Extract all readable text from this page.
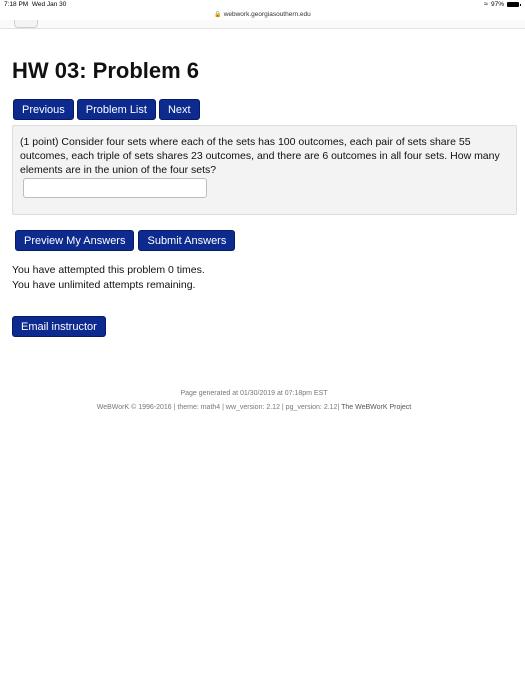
7:18 PM Wed Jan 30	≈ 97%
🔒 webwork.georgiasouthern.edu
HW 03: Problem 6
Previous	Problem List	Next

(1 point) Consider four sets where each of the sets has 100 outcomes, each pair of sets share 55 outcomes, each triple of sets shares 23 outcomes, and there are 6 outcomes in all four sets. How many elements are in the union of the four sets?

Preview My Answers	Submit Answers
You have attempted this problem 0 times.
You have unlimited attempts remaining.
Email instructor
Page generated at 01/30/2019 at 07:18pm EST
WeBWorK © 1996-2016 | theme: math4 | ww_version: 2.12 | pg_version: 2.12| The WeBWorK Project
